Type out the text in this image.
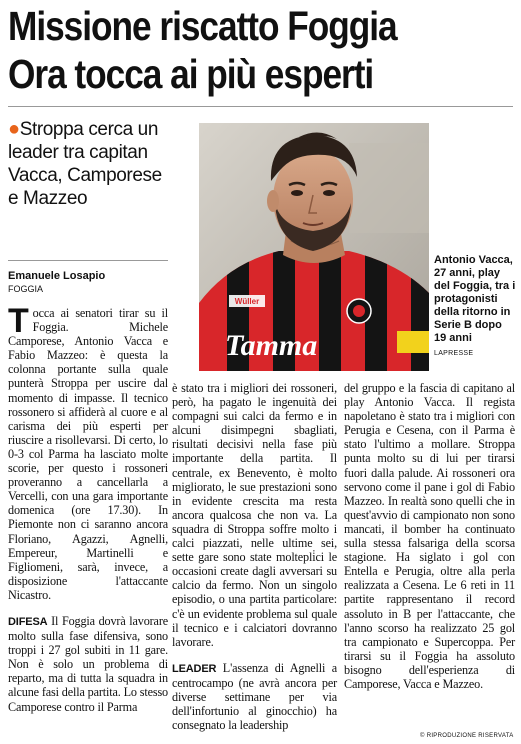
Missione riscatto Foggia
Ora tocca ai più esperti
●Stroppa cerca un leader tra capitan Vacca, Camporese e Mazzeo
Emanuele Losapio
FOGGIA
Wüller
Tamma
Antonio Vacca, 27 anni, play del Foggia, tra i protagonisti della ritorno in Serie B dopo 19 anni
LAPRESSE

Tocca ai senatori tirar su il Foggia. Michele Camporese, Antonio Vacca e Fabio Mazzeo: è questa la colonna portante sulla quale punterà Stroppa per uscire dal momento di impasse. Il tecnico rossonero si affiderà al cuore e al carisma dei più esperti per riuscire a risollevarsi. Di certo, lo 0-3 col Parma ha lasciato molte scorie, per questo i rossoneri proveranno a cancellarla a Vercelli, con una gara importante domenica (ore 17.30). In Piemonte non ci saranno ancora Floriano, Agazzi, Agnelli, Empereur, Martinelli e Figliomeni, sarà, invece, a disposizione l'attaccante Nicastro.

DIFESA Il Foggia dovrà lavorare molto sulla fase difensiva, sono troppi i 27 gol subiti in 11 gare. Non è solo un problema di reparto, ma di tutta la squadra in alcune fasi della partita. Lo stesso Camporese contro il Parma

è stato tra i migliori dei rossoneri, però, ha pagato le ingenuità dei compagni sui calci da fermo e in alcuni disimpegni sbagliati, risultati decisivi nella fase più importante della partita. Il centrale, ex Benevento, è molto migliorato, le sue prestazioni sono in evidente crescita ma resta ancora qualcosa che non va. La squadra di Stroppa soffre molto i calci piazzati, nelle ultime sei, sette gare sono state moltepli̇ci le occasioni create dagli avversari su calcio da fermo. Non un singolo episodio, o una partita particolare: c'è un evidente problema sul quale il tecnico e i calciatori dovranno lavorare.

LEADER L'assenza di Agnelli a centrocampo (ne avrà ancora per diverse settimane per via dell'infortunio al ginocchio) ha consegnato la leadership

del gruppo e la fascia di capitano al play Antonio Vacca. Il regista napoletano è stato tra i migliori con Perugia e Cesena, con il Parma è stato l'ultimo a mollare. Stroppa punta molto su di lui per tirarsi fuori dalla palude. Ai rossoneri ora servono come il pane i gol di Fabio Mazzeo. In realtà sono quelli che in quest'avvio di campionato non sono mancati, il bomber ha continuato sulla stessa falsariga della scorsa stagione. Ha siglato i gol con Entella e Perugia, oltre alla perla realizzata a Cesena. Le 6 reti in 11 partite rappresentano il record assoluto in B per l'attaccante, che l'anno scorso ha realizzato 25 gol tra campionato e Supercoppa. Per tirarsi su il Foggia ha assoluto bisogno dell'esperienza di Camporese, Vacca e Mazzeo.

© RIPRODUZIONE RISERVATA
